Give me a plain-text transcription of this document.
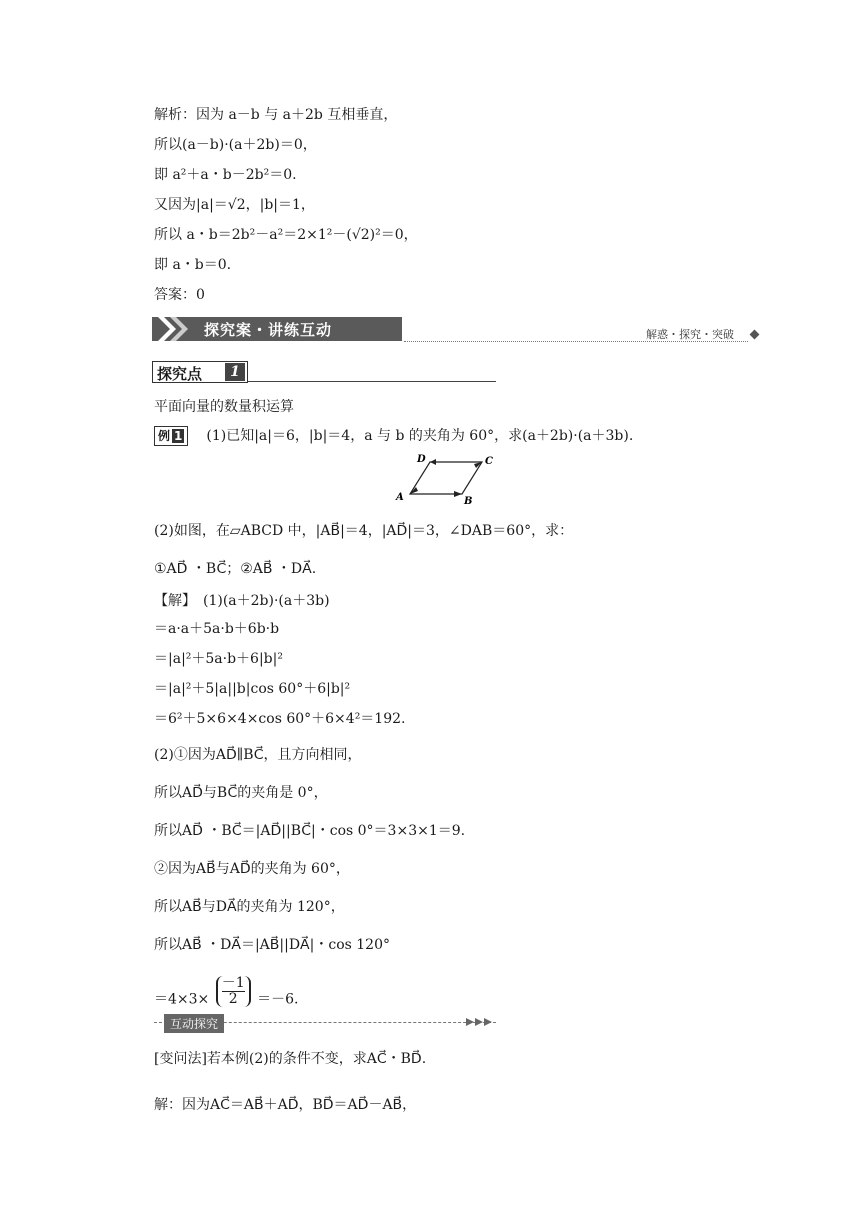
解析：因为 a－b 与 a＋2b 互相垂直，
所以(a－b)·(a＋2b)＝0，
即 a²＋a・b－2b²＝0.
又因为|a|＝√2，|b|＝1，
所以 a・b＝2b²－a²＝2×1²－(√2)²＝0，
即 a・b＝0.
答案：0
探究案・讲练互动	解惑・探究・突破
探究点	1
平面向量的数量积运算
例 1 (1)已知|a|＝6，|b|＝4，a 与 b 的夹角为 60°，求(a＋2b)·(a＋3b).
A	B
C
D
(2)如图，在▱ABCD 中，|AB⃗|＝4，|AD⃗|＝3，∠DAB＝60°，求：
①AD⃗ ・BC⃗；②AB⃗ ・DA⃗.
【解】　(1)(a＋2b)·(a＋3b)
＝a·a＋5a·b＋6b·b
＝|a|²＋5a·b＋6|b|²
＝|a|²＋5|a||b|cos 60°＋6|b|²
＝6²＋5×6×4×cos 60°＋6×4²＝192.
(2)①因为AD⃗∥BC⃗，且方向相同，
所以AD⃗与BC⃗的夹角是 0°，
所以AD⃗ ・BC⃗＝|AD⃗||BC⃗|・cos 0°＝3×3×1＝9.
②因为AB⃗与AD⃗的夹角为 60°，
所以AB⃗与DA⃗的夹角为 120°，
所以AB⃗ ・DA⃗＝|AB⃗||DA⃗|・cos 120°
$=4\times 3\times \frac{-1}{2} =-6$.
互动探究
[变问法]若本例(2)的条件不变，求AC⃗・BD⃗.
解：因为AC⃗＝AB⃗＋AD⃗，BD⃗＝AD⃗－AB⃗，
